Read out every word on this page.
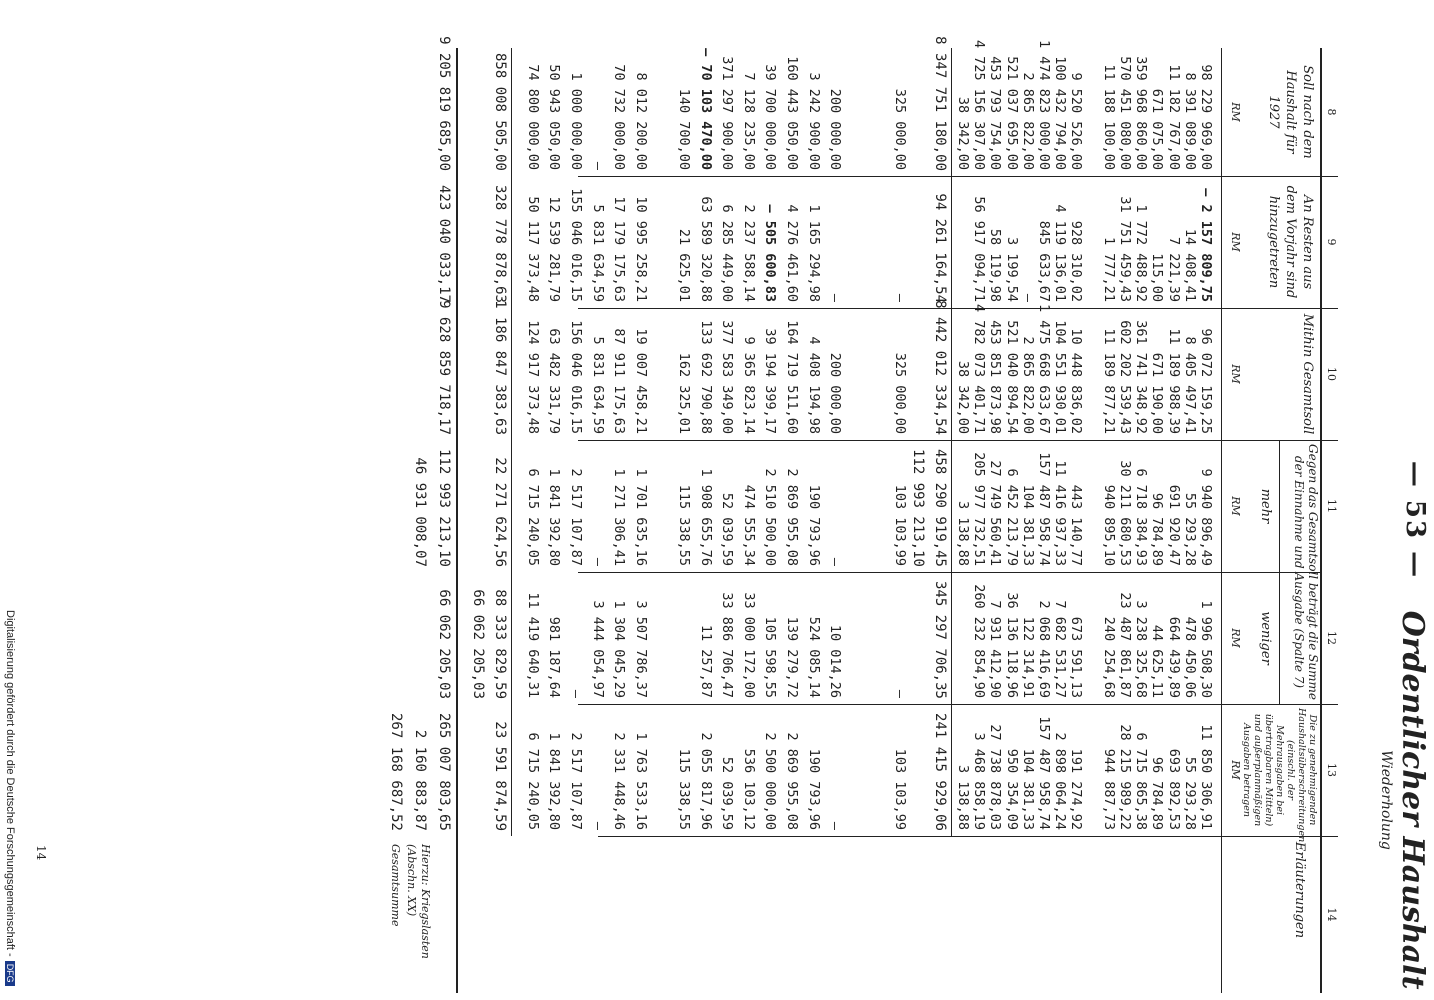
— 53 —
Ordentlicher Haushalt
Wiederholung
8
9
10
11
12
13
14
Soll nach dem Haushalt für 1927
An Resten aus dem Vorjahr sind hinzugetreten
Mithin Gesamtsoll
Gegen das Gesamtsoll beträgt die Summe der Einnahme und Ausgabe (Spalte 7)
mehr
weniger
Die zu genehmigenden Haushaltsüberschreitungen (einschl. der Mehrausgaben bei übertragbaren Mitteln) und außerplanmäßigen Ausgaben betragen
Erläuterungen
RM
RM
RM
RM
RM
RM
98 229 969,00
8 391 089,00
11 182 767,00
671 075,00
359 968 860,00
570 451 080,00
11 188 100,00
9 520 526,00
100 432 794,00
1 474 823 000,00
2 865 822,00
521 037 695,00
453 793 754,00
4 725 156 307,00
38 342,00
— 2 157 809,75
14 408,41
7 221,39
115,00
1 772 488,92
31 751 459,43
1 777,21
928 310,02
4 119 136,01
845 633,67
—
3 199,54
58 119,98
56 917 094,71
96 072 159,25
8 405 497,41
11 189 988,39
671 190,00
361 741 348,92
602 202 539,43
11 189 877,21
10 448 836,02
104 551 930,01
1 475 668 633,67
2 865 822,00
521 040 894,54
453 851 873,98
4 782 073 401,71
38 342,00
9 940 896,49
55 293,28
691 920,47
96 784,89
6 718 384,93
30 211 680,53
940 895,10
443 140,77
11 416 937,33
157 487 958,74
104 381,33
6 452 213,79
27 749 560,41
205 977 732,51
3 138,88
1 996 508,30
478 450,06
664 439,89
44 625,11
3 238 325,68
23 487 861,87
240 254,68
673 591,13
7 682 531,27
2 068 416,69
122 314,91
36 136 118,96
7 931 412,90
260 232 854,90
11 850 306,91
55 293,28
693 892,53
96 784,89
6 715 865,38
28 215 989,22
944 887,73
191 274,92
2 898 064,24
157 487 958,74
104 381,33
950 354,09
27 738 878,03
3 468 858,19
3 138,88
8 347 751 180,00
94 261 164,54
8 442 012 334,54
458 290 919,45
345 297 706,35
241 415 929,06
112 993 213,10
325 000,00
200 000,00
3 242 900,00
160 443 050,00
39 700 000,00
7 128 235,00
371 297 900,00
— 70 103 470,00
140 700,00
8 012 200,00
70 732 000,00
—
1 000 000,00
50 943 050,00
74 800 000,00
—
—
1 165 294,98
4 276 461,60
— 505 600,83
2 237 588,14
6 285 449,00
63 589 320,88
21 625,01
10 995 258,21
17 179 175,63
5 831 634,59
155 046 016,15
12 539 281,79
50 117 373,48
325 000,00
200 000,00
4 408 194,98
164 719 511,60
39 194 399,17
9 365 823,14
377 583 349,00
133 692 790,88
162 325,01
19 007 458,21
87 911 175,63
5 831 634,59
156 046 016,15
63 482 331,79
124 917 373,48
103 103,99
—
190 793,96
2 869 955,08
2 510 500,00
474 555,34
52 039,59
1 908 655,76
115 338,55
1 701 635,16
1 271 306,41
—
2 517 107,87
1 841 392,80
6 715 240,05
—
10 014,26
524 085,14
139 279,72
105 598,55
33 000 172,00
33 886 706,47
11 257,87
3 507 786,37
1 304 045,29
3 444 054,97
—
981 187,64
11 419 640,31
103 103,99
—
190 793,96
2 869 955,08
2 500 000,00
536 103,12
52 039,59
2 055 817,96
115 338,55
1 763 533,16
2 331 448,46
—
2 517 107,87
1 841 392,80
6 715 240,05
858 008 505,00
328 778 878,63
1 186 847 383,63
22 271 624,56
88 333 829,59
23 591 874,59
66 062 205,03
9 205 819 685,00
423 040 033,17
9 628 859 718,17
112 993 213,10
66 062 205,03
265 007 803,65
46 931 008,07
2 160 883,87
267 168 687,52
Hierzu: Kriegslasten (Abschn. XX)
Gesamtsumme
14
Digitalisierung gefördert durch die Deutsche Forschungsgemeinschaft -DFG
